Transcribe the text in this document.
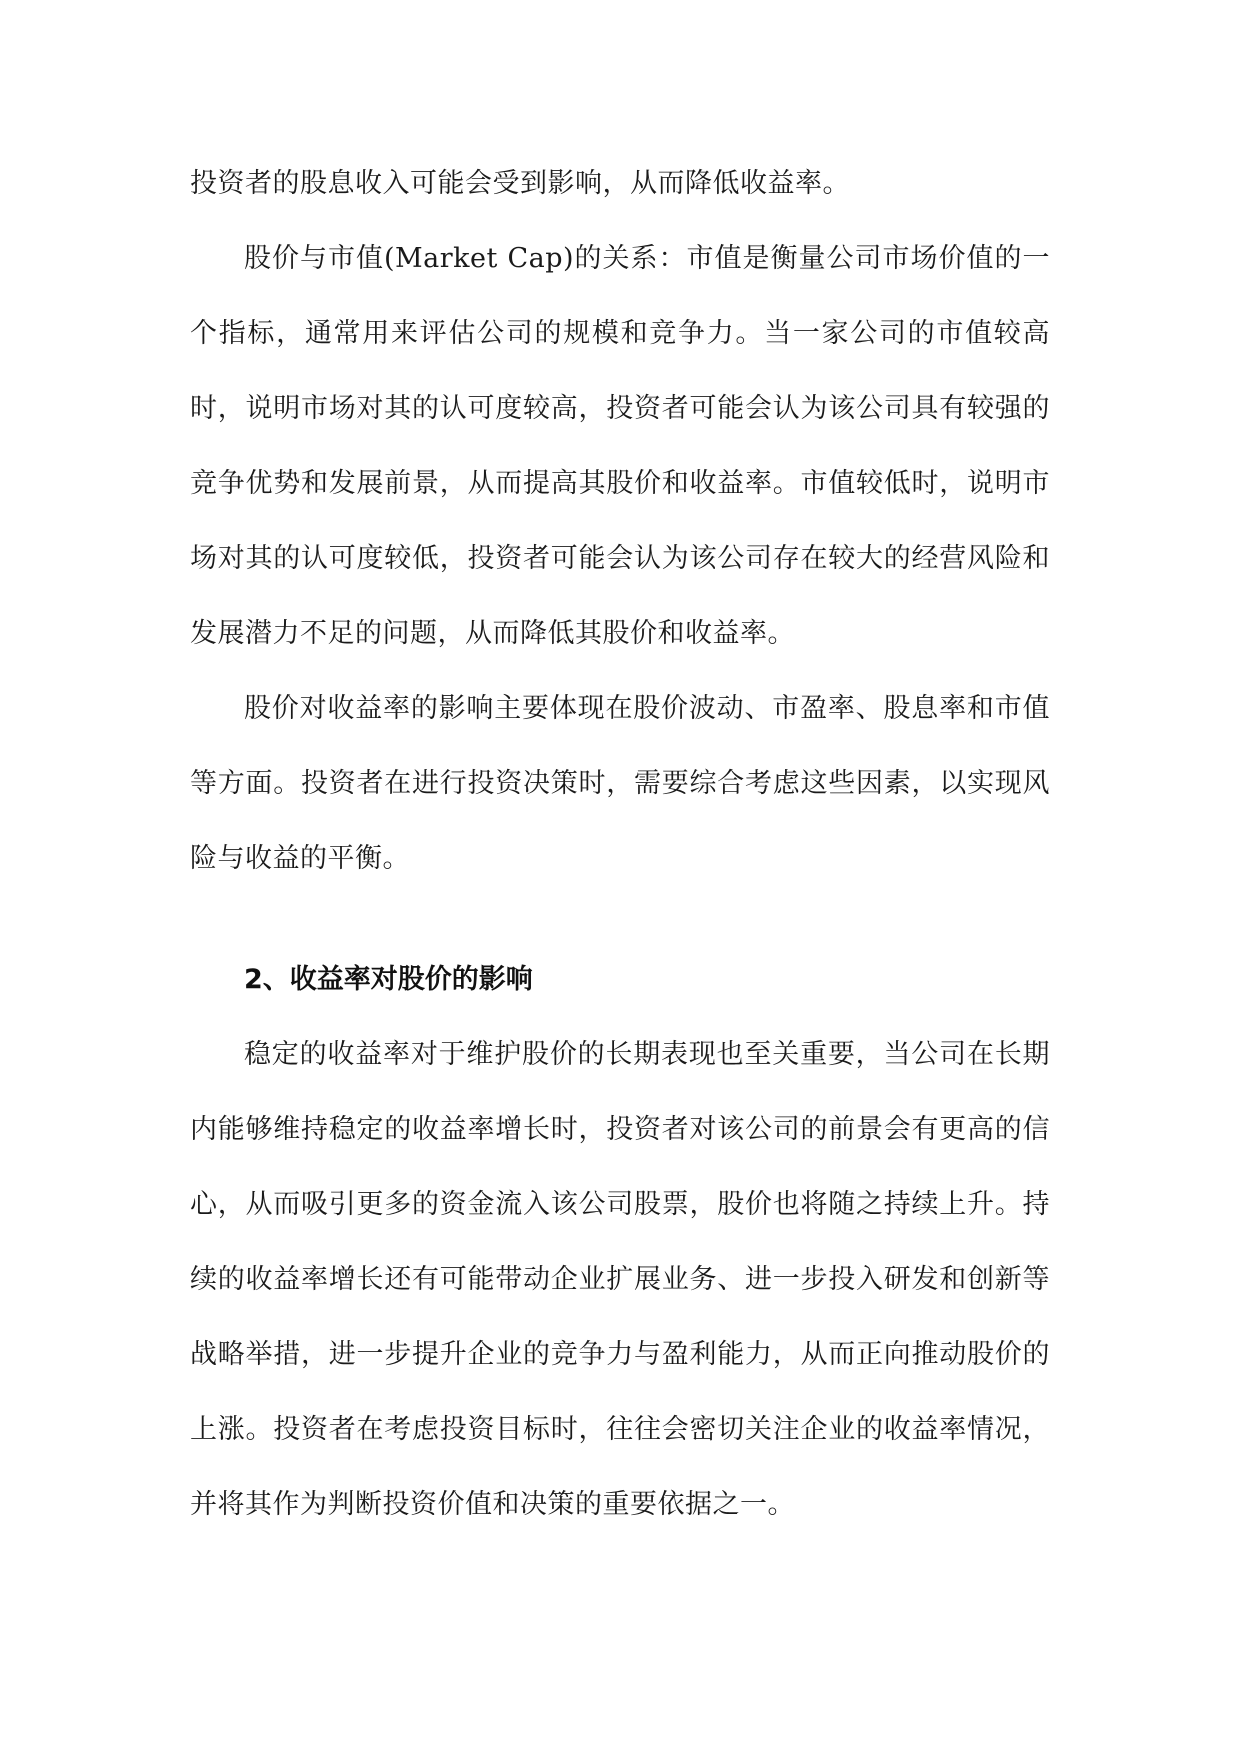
投资者的股息收入可能会受到影响，从而降低收益率。

股价与市值(Market Cap)的关系：市值是衡量公司市场价值的一个指标，通常用来评估公司的规模和竞争力。当一家公司的市值较高时，说明市场对其的认可度较高，投资者可能会认为该公司具有较强的竞争优势和发展前景，从而提高其股价和收益率。市值较低时，说明市场对其的认可度较低，投资者可能会认为该公司存在较大的经营风险和发展潜力不足的问题，从而降低其股价和收益率。

股价对收益率的影响主要体现在股价波动、市盈率、股息率和市值等方面。投资者在进行投资决策时，需要综合考虑这些因素，以实现风险与收益的平衡。

2、收益率对股价的影响

稳定的收益率对于维护股价的长期表现也至关重要，当公司在长期内能够维持稳定的收益率增长时，投资者对该公司的前景会有更高的信心，从而吸引更多的资金流入该公司股票，股价也将随之持续上升。持续的收益率增长还有可能带动企业扩展业务、进一步投入研发和创新等战略举措，进一步提升企业的竞争力与盈利能力，从而正向推动股价的上涨。投资者在考虑投资目标时，往往会密切关注企业的收益率情况，并将其作为判断投资价值和决策的重要依据之一。
